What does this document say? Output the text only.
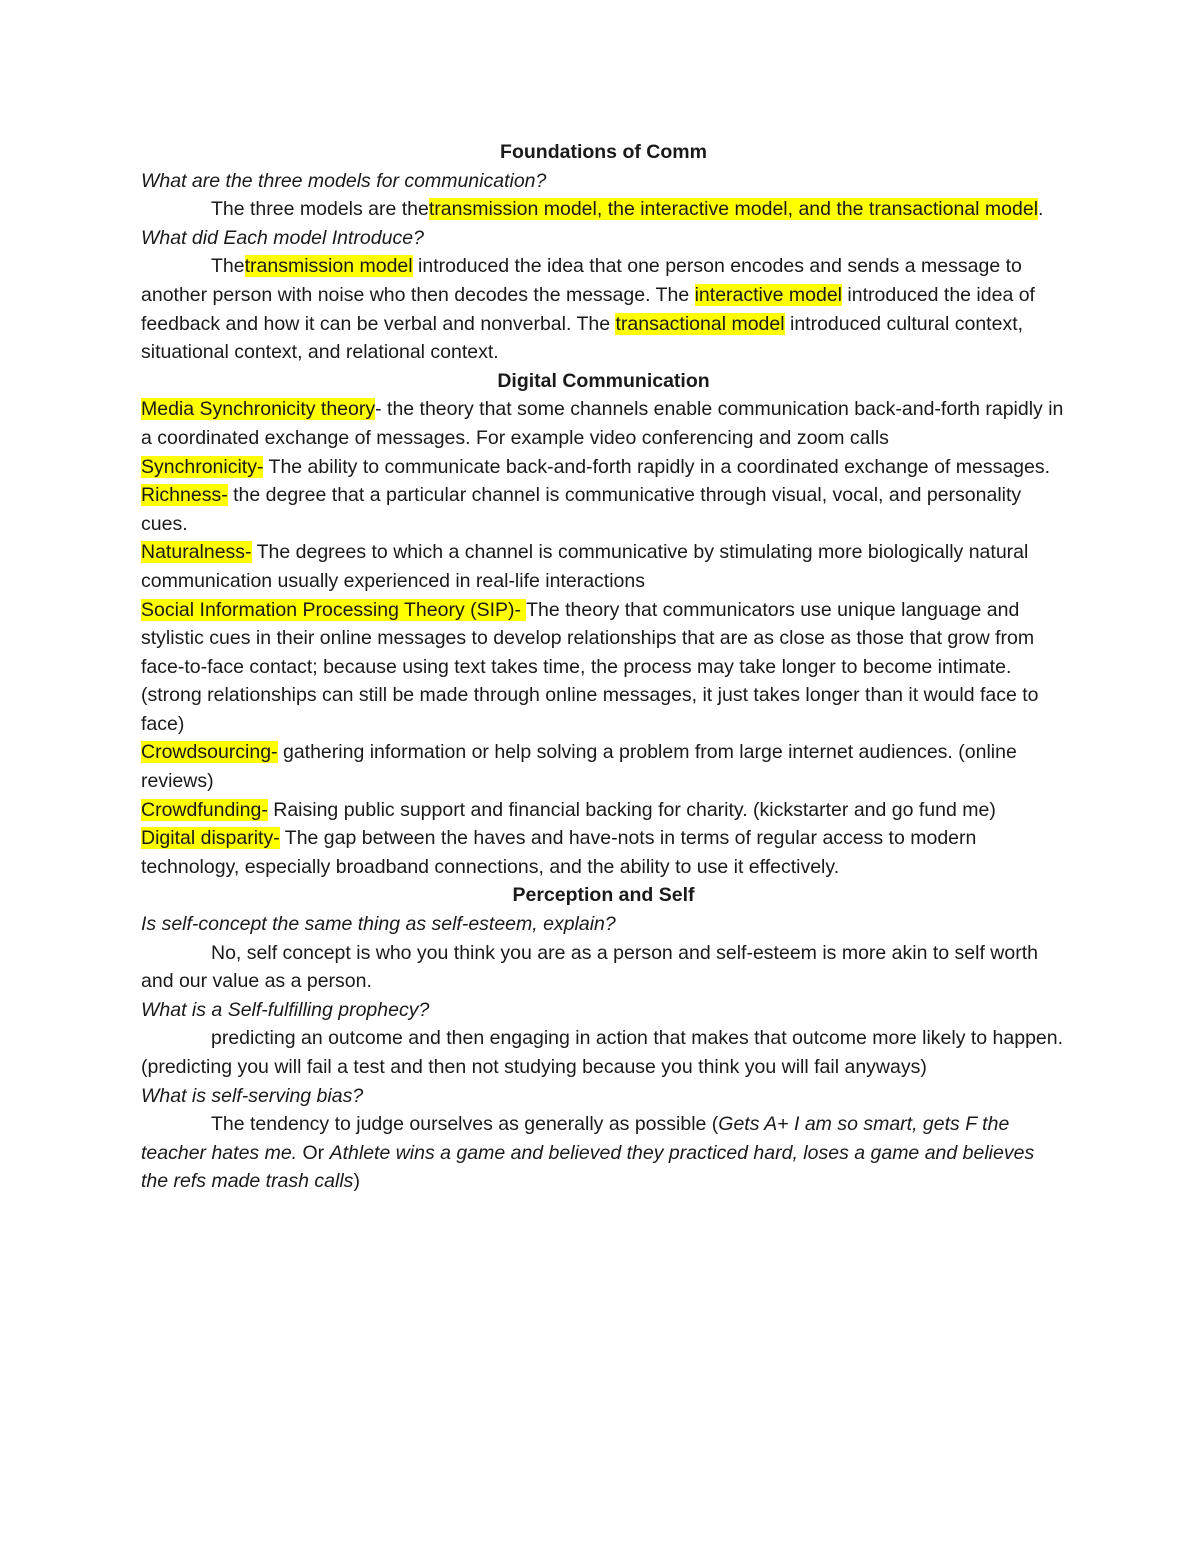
Foundations of Comm

What are the three models for communication?

The three models are thetransmission model, the interactive model, and the transactional model.

What did Each model Introduce?

Thetransmission model introduced the idea that one person encodes and sends a message to another person with noise who then decodes the message. The interactive model introduced the idea of feedback and how it can be verbal and nonverbal. The transactional model introduced cultural context, situational context, and relational context.

Digital Communication

Media Synchronicity theory- the theory that some channels enable communication back-and-forth rapidly in a coordinated exchange of messages. For example video conferencing and zoom calls

Synchronicity- The ability to communicate back-and-forth rapidly in a coordinated exchange of messages.

Richness- the degree that a particular channel is communicative through visual, vocal, and personality cues.

Naturalness- The degrees to which a channel is communicative by stimulating more biologically natural communication usually experienced in real-life interactions

Social Information Processing Theory (SIP)- The theory that communicators use unique language and stylistic cues in their online messages to develop relationships that are as close as those that grow from face-to-face contact; because using text takes time, the process may take longer to become intimate. (strong relationships can still be made through online messages, it just takes longer than it would face to face)

Crowdsourcing- gathering information or help solving a problem from large internet audiences. (online reviews)

Crowdfunding- Raising public support and financial backing for charity. (kickstarter and go fund me)

Digital disparity- The gap between the haves and have-nots in terms of regular access to modern technology, especially broadband connections, and the ability to use it effectively.

Perception and Self

Is self-concept the same thing as self-esteem, explain?

No, self concept is who you think you are as a person and self-esteem is more akin to self worth and our value as a person.

What is a Self-fulfilling prophecy?

predicting an outcome and then engaging in action that makes that outcome more likely to happen. (predicting you will fail a test and then not studying because you think you will fail anyways)

What is self-serving bias?

The tendency to judge ourselves as generally as possible (Gets A+ I am so smart, gets F the teacher hates me. Or Athlete wins a game and believed they practiced hard, loses a game and believes the refs made trash calls)
